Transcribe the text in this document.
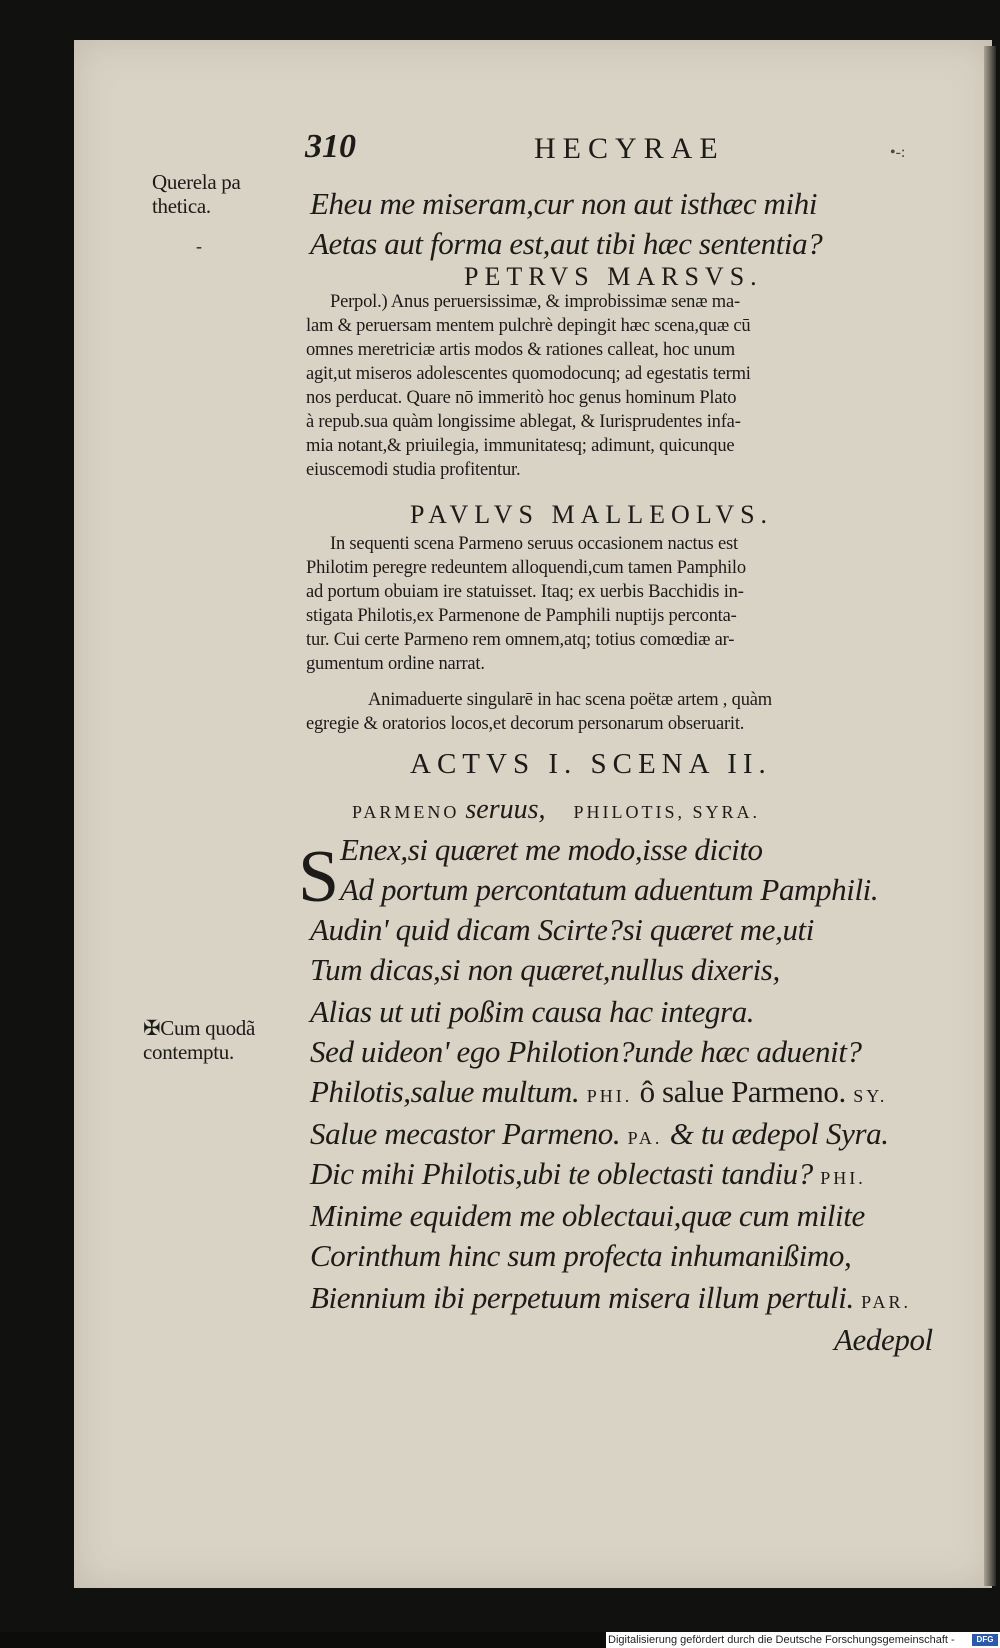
310	HECYRAE	•-:
Querela pa
thetica.
-
✠Cum quodã
contemptu.
Eheu me miseram,cur non aut isthæc mihi
Aetas aut forma est,aut tibi hæc sententia?
PETRVS MARSVS.
Perpol.) Anus peruersissimæ, & improbissimæ senæ ma-
lam & peruersam mentem pulchrè depingit hæc scena,quæ cū
omnes meretriciæ artis modos & rationes calleat, hoc unum
agit,ut miseros adolescentes quomodocunq; ad egestatis termi
nos perducat. Quare nō immeritò hoc genus hominum Plato
à repub.sua quàm longissime ablegat, & Iurisprudentes infa-
mia notant,& priuilegia, immunitatesq; adimunt, quicunque
eiuscemodi studia profitentur.
PAVLVS MALLEOLVS.
In sequenti scena Parmeno seruus occasionem nactus est
Philotim peregre redeuntem alloquendi,cum tamen Pamphilo
ad portum obuiam ire statuisset. Itaq; ex uerbis Bacchidis in-
stigata Philotis,ex Parmenone de Pamphili nuptijs percontа-
tur. Cui certe Parmeno rem omnem,atq; totius comœdiæ ar-
gumentum ordine narrat.
Animaduerte singularē in hac scena poëtæ artem , quàm
egregie & oratorios locos,et decorum personarum obseruarit.
ACTVS I. SCENA II.
PARMENO seruus, PHILOTIS, SYRA.
S Enex,si quæret me modo,isse dicito
Ad portum percontatum aduentum Pamphili.
Audin' quid dicam Scirte?si quæret me,uti
Tum dicas,si non quæret,nullus dixeris,
Alias ut uti poßim causa hac integra.
Sed uideon' ego Philotion?unde hæc aduenit?
Philotis,salue multum. PHI. ô salue Parmeno. SY.
Salue mecastor Parmeno. PA. & tu ædepol Syra.
Dic mihi Philotis,ubi te oblectasti tandiu? PHI.
Minime equidem me oblectaui,quæ cum milite
Corinthum hinc sum profecta inhumanißimo,
Biennium ibi perpetuum misera illum pertuli. PAR.
Aedepol
Digitalisierung gefördert durch die Deutsche Forschungsgemeinschaft -	DFG
